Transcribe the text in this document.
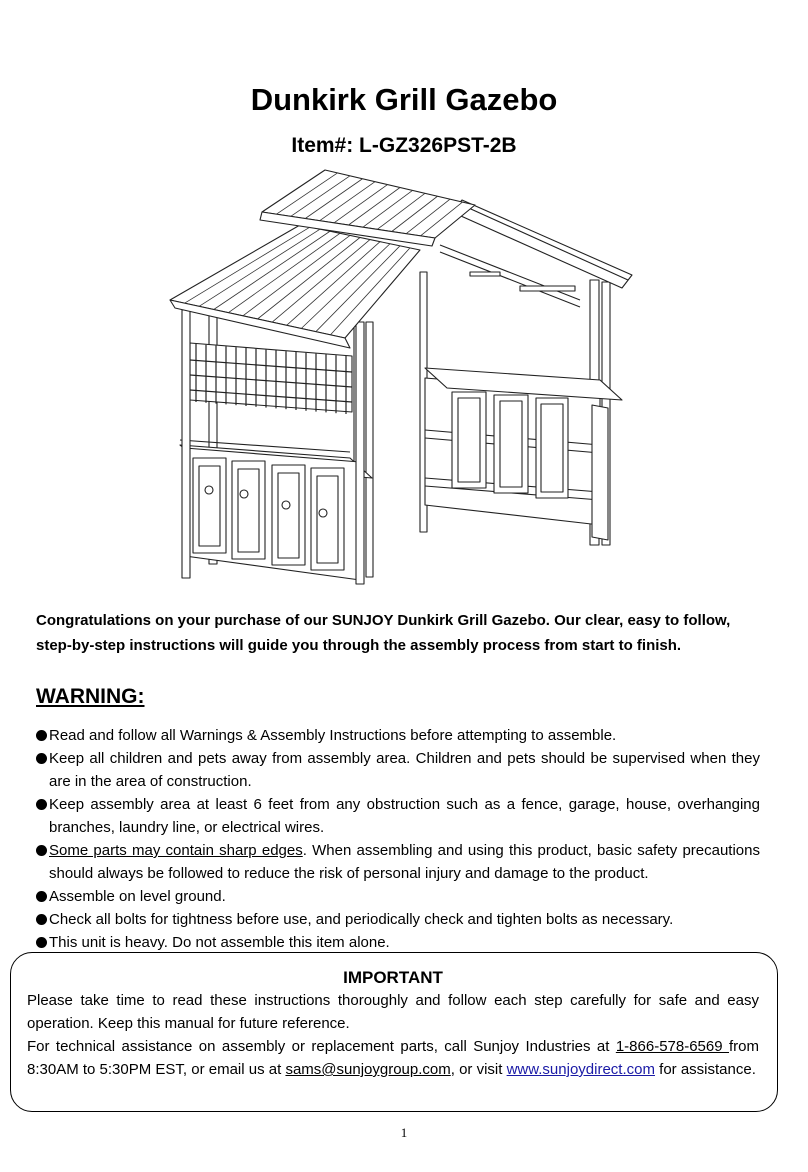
Dunkirk Grill Gazebo
Item#: L-GZ326PST-2B
Congratulations on your purchase of our SUNJOY Dunkirk Grill Gazebo. Our clear, easy to follow, step-by-step instructions will guide you through the assembly process from start to finish.
WARNING:
Read and follow all Warnings & Assembly Instructions before attempting to assemble.
Keep all children and pets away from assembly area. Children and pets should be supervised when they are in the area of construction.
Keep assembly area at least 6 feet from any obstruction such as a fence, garage, house, overhanging branches, laundry line, or electrical wires.
Some parts may contain sharp edges. When assembling and using this product, basic safety precautions should always be followed to reduce the risk of personal injury and damage to the product.
Assemble on level ground.
Check all bolts for tightness before use, and periodically check and tighten bolts as necessary.
This unit is heavy. Do not assemble this item alone.
IMPORTANT
Please take time to read these instructions thoroughly and follow each step carefully for safe and easy operation. Keep this manual for future reference.
For technical assistance on assembly or replacement parts, call Sunjoy Industries at 1-866-578-6569 from 8:30AM to 5:30PM EST, or email us at sams@sunjoygroup.com, or visit www.sunjoydirect.com for assistance.
1
